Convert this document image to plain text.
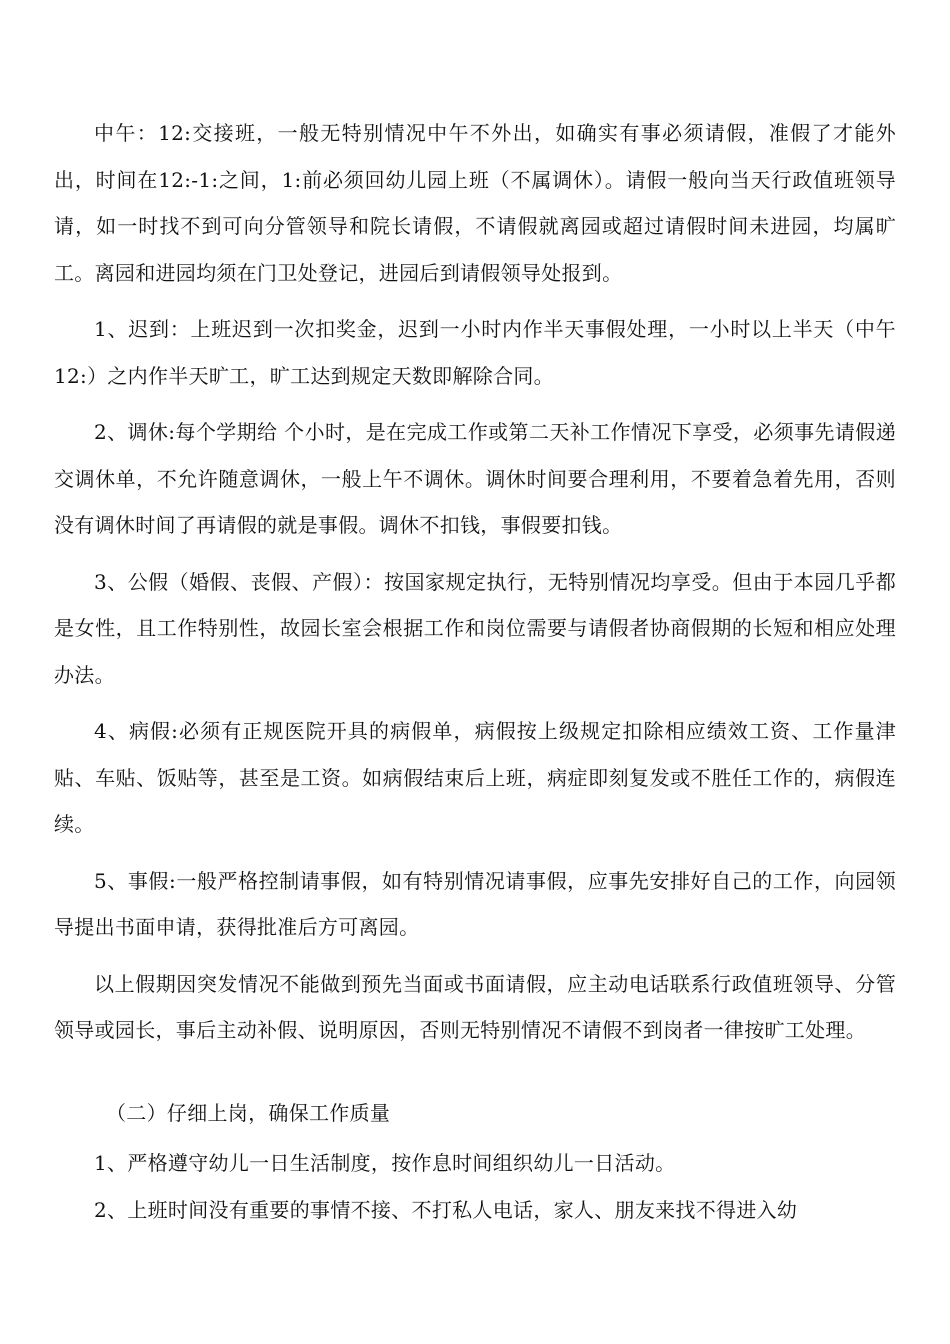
中午：12:交接班，一般无特别情况中午不外出，如确实有事必须请假，准假了才能外出，时间在12:-1:之间，1:前必须回幼儿园上班（不属调休）。请假一般向当天行政值班领导请，如一时找不到可向分管领导和院长请假，不请假就离园或超过请假时间未进园，均属旷工。离园和进园均须在门卫处登记，进园后到请假领导处报到。

1、迟到：上班迟到一次扣奖金，迟到一小时内作半天事假处理，一小时以上半天（中午12:）之内作半天旷工，旷工达到规定天数即解除合同。

2、调休:每个学期给 个小时，是在完成工作或第二天补工作情况下享受，必须事先请假递交调休单，不允许随意调休，一般上午不调休。调休时间要合理利用，不要着急着先用，否则没有调休时间了再请假的就是事假。调休不扣钱，事假要扣钱。

3、公假（婚假、丧假、产假）：按国家规定执行，无特别情况均享受。但由于本园几乎都是女性，且工作特别性，故园长室会根据工作和岗位需要与请假者协商假期的长短和相应处理办法。

4、病假:必须有正规医院开具的病假单，病假按上级规定扣除相应绩效工资、工作量津贴、车贴、饭贴等，甚至是工资。如病假结束后上班，病症即刻复发或不胜任工作的，病假连续。

5、事假:一般严格控制请事假，如有特别情况请事假，应事先安排好自己的工作，向园领导提出书面申请，获得批准后方可离园。

以上假期因突发情况不能做到预先当面或书面请假，应主动电话联系行政值班领导、分管领导或园长，事后主动补假、说明原因，否则无特别情况不请假不到岗者一律按旷工处理。

（二）仔细上岗，确保工作质量

1、严格遵守幼儿一日生活制度，按作息时间组织幼儿一日活动。

2、上班时间没有重要的事情不接、不打私人电话，家人、朋友来找不得进入幼
